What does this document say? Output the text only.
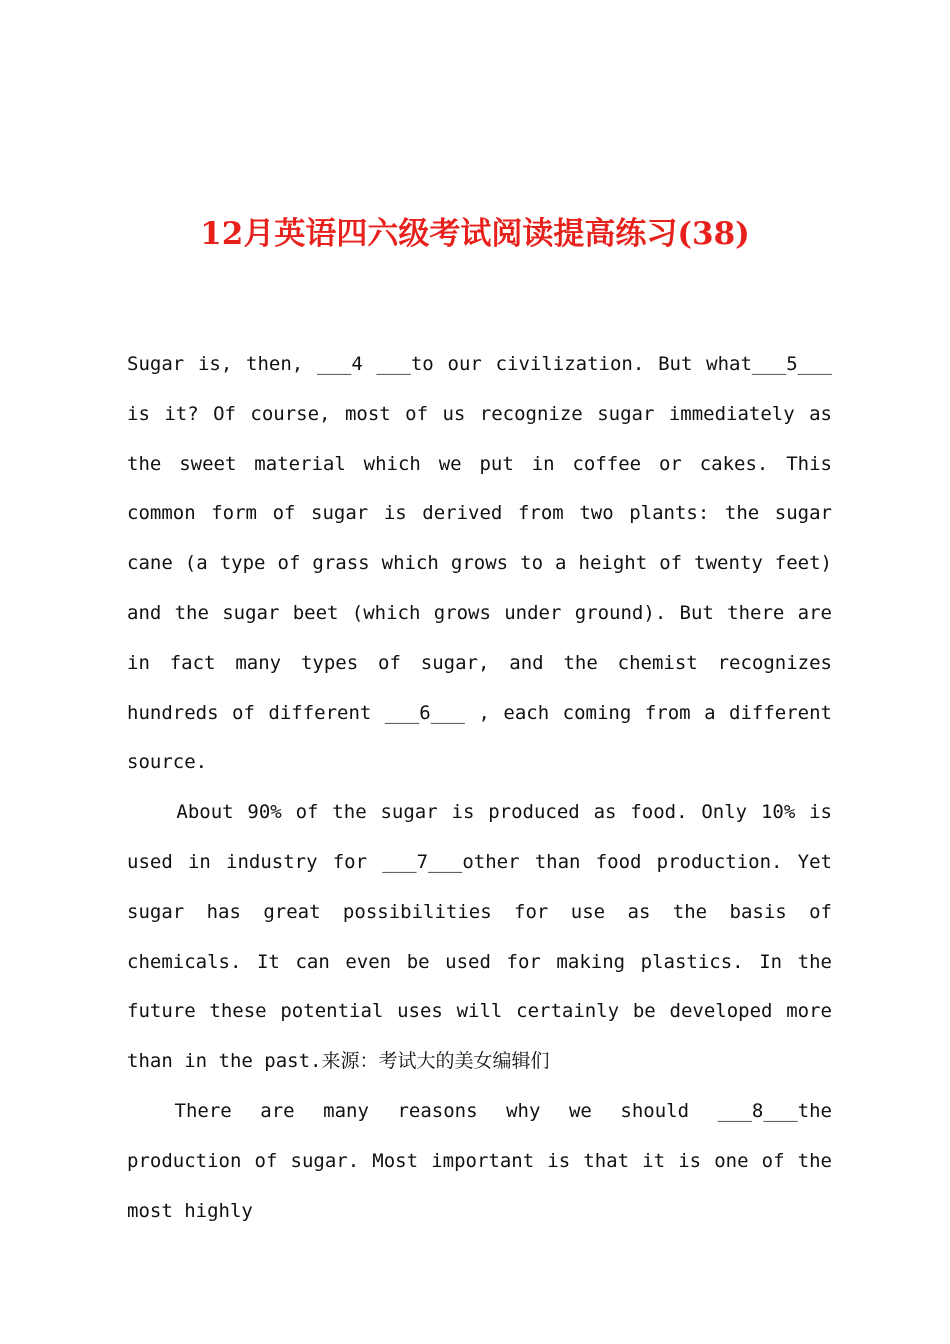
12月英语四六级考试阅读提高练习(38)

Sugar is, then, ___4 ___to our civilization. But what___5___ is it? Of course, most of us recognize sugar immediately as the sweet material which we put in coffee or cakes. This common form of sugar is derived from two plants: the sugar cane (a type of grass which grows to a height of twenty feet) and the sugar beet (which grows under ground). But there are in fact many types of sugar, and the chemist recognizes hundreds of different ___6___ , each coming from a different source.

About 90% of the sugar is produced as food. Only 10% is used in industry for ___7___other than food production. Yet sugar has great possibilities for use as the basis of chemicals. It can even be used for making plastics. In the future these potential uses will certainly be developed more than in the past.来源：考试大的美女编辑们

There are many reasons why we should ___8___the production of sugar. Most important is that it is one of the most highly
